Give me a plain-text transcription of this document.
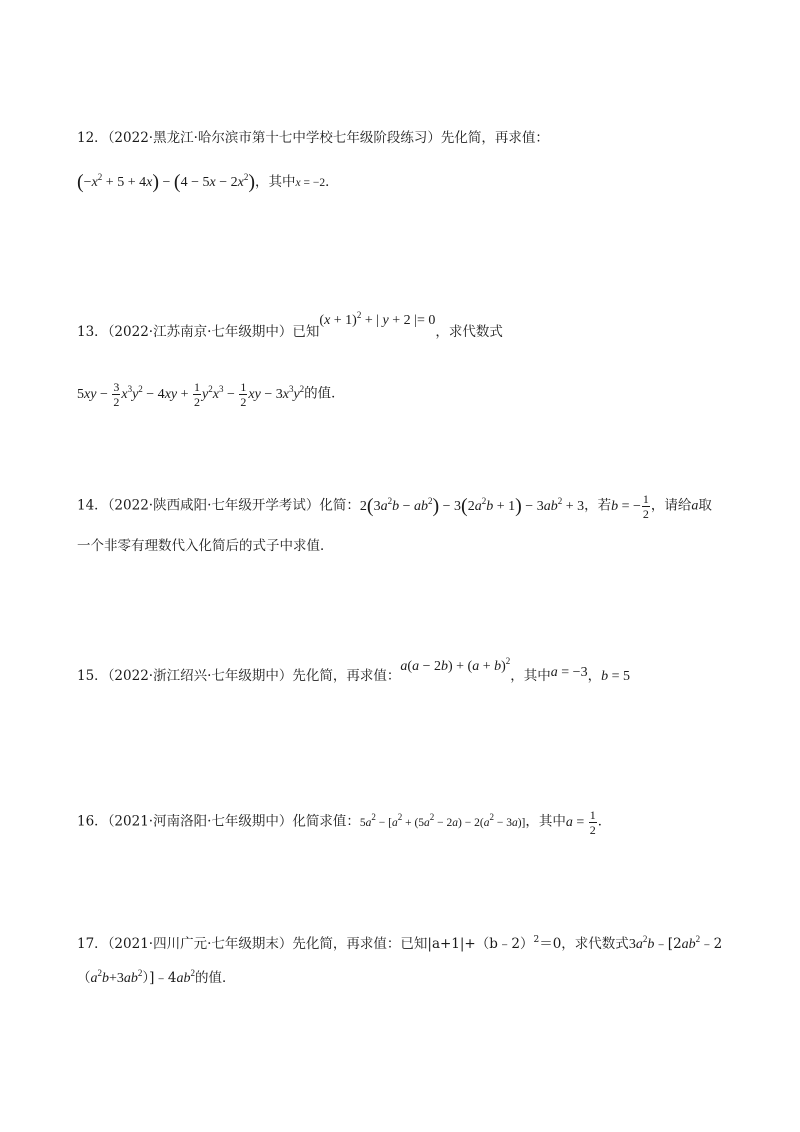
12．（2022·黑龙江·哈尔滨市第十七中学校七年级阶段练习）先化简，再求值：
$(-x^2 + 5 + 4x) - (4 - 5x - 2x^2)$，其中x = −2．
13．（2022·江苏南京·七年级期中）已知$(x + 1)^2$ + | y + 2 |= 0，求代数式
$5xy - \frac{3}{2} x^3y^2 - 4xy + \frac{1}{2} y^2x^3 - \frac{1}{2}$ xy − $3x^3y^2$的值．
14．（2022·陕西咸阳·七年级开学考试）化简：$2(3a^2b - ab^2) - 3(2a^2b + 1) - 3ab^2 + 3$，若b = − $\frac{1}{2}$ ，请给a取
一个非零有理数代入化简后的式子中求值．
15．（2022·浙江绍兴·七年级期中）先化简，再求值：$a(a - 2b) + (a + b)^2$，其中a = −3，b = 5
16．（2021·河南洛阳·七年级期中）化简求值：$5a^2 - [a^2 + (5a^2 - 2a) - 2(a^2 - 3a)]$，其中$a = \frac{1}{2}$ ．
17．（2021·四川广元·七年级期末）先化简，再求值：已知|a+1|+（b﹣2）$^2$＝0，求代数式$3a^2b﹣[2ab^2﹣2$
$(a^2b+3ab^2)]﹣4ab^2$的值．
